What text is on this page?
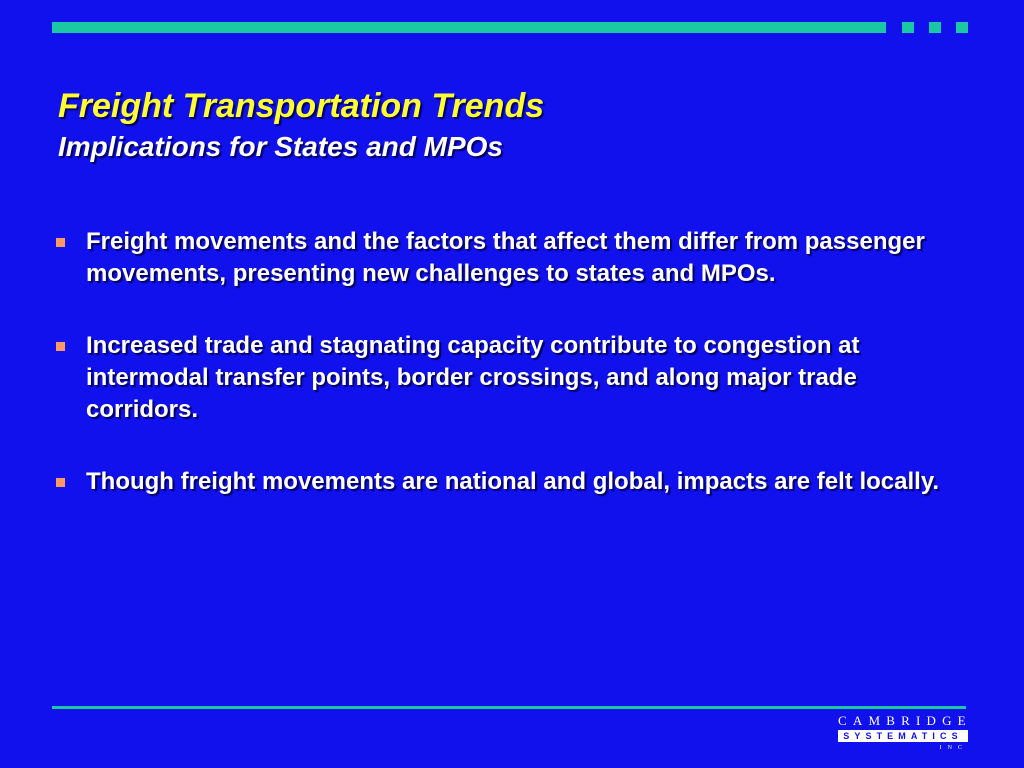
Freight Transportation Trends
Implications for States and MPOs
Freight movements and the factors that affect them differ from passenger movements, presenting new challenges to states and MPOs.
Increased trade and stagnating capacity contribute to congestion at intermodal transfer points, border crossings, and along major trade corridors.
Though freight movements are national and global, impacts are felt locally.
CAMBRIDGE
SYSTEMATICS
INC
